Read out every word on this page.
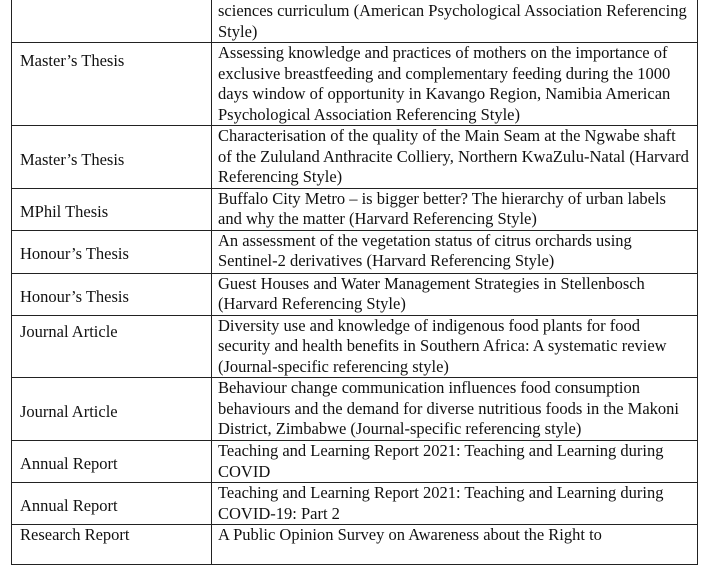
	sciences curriculum (American Psychological Association Referencing Style)
Master’s Thesis	Assessing knowledge and practices of mothers on the importance of exclusive breastfeeding and complementary feeding during the 1000 days window of opportunity in Kavango Region, Namibia American Psychological Association Referencing Style)
Master’s Thesis	Characterisation of the quality of the Main Seam at the Ngwabe shaft of the Zululand Anthracite Colliery, Northern KwaZulu-Natal (Harvard Referencing Style)
MPhil Thesis	Buffalo City Metro – is bigger better? The hierarchy of urban labels and why the matter (Harvard Referencing Style)
Honour’s Thesis	An assessment of the vegetation status of citrus orchards using Sentinel-2 derivatives (Harvard Referencing Style)
Honour’s Thesis	Guest Houses and Water Management Strategies in Stellenbosch (Harvard Referencing Style)
Journal Article	Diversity use and knowledge of indigenous food plants for food security and health benefits in Southern Africa: A systematic review (Journal-specific referencing style)
Journal Article	Behaviour change communication influences food consumption behaviours and the demand for diverse nutritious foods in the Makoni District, Zimbabwe (Journal-specific referencing style)
Annual Report	Teaching and Learning Report 2021: Teaching and Learning during COVID
Annual Report	Teaching and Learning Report 2021: Teaching and Learning during COVID-19: Part 2
Research Report	A Public Opinion Survey on Awareness about the Right to
